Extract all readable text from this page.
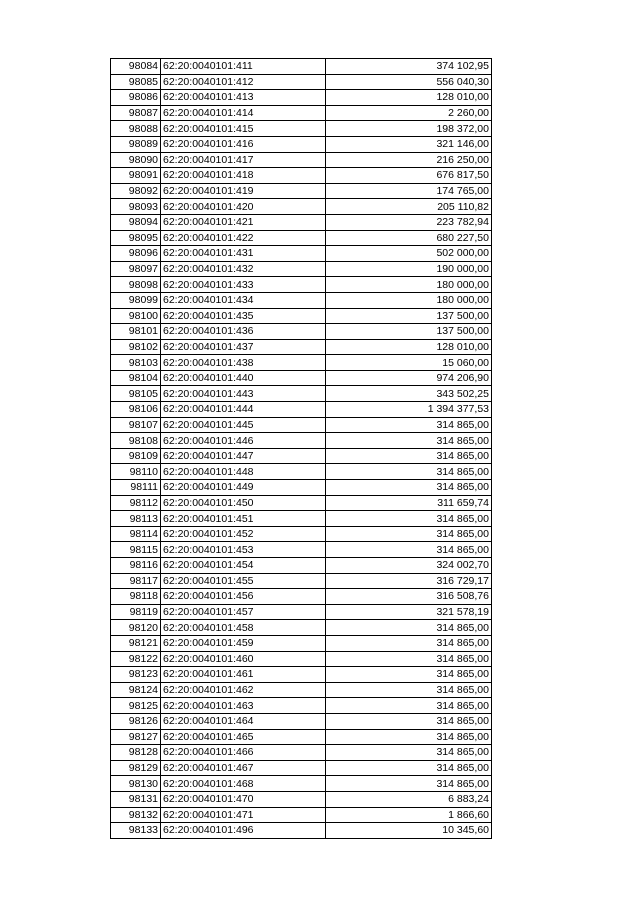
98084	62:20:0040101:411	374 102,95
98085	62:20:0040101:412	556 040,30
98086	62:20:0040101:413	128 010,00
98087	62:20:0040101:414	2 260,00
98088	62:20:0040101:415	198 372,00
98089	62:20:0040101:416	321 146,00
98090	62:20:0040101:417	216 250,00
98091	62:20:0040101:418	676 817,50
98092	62:20:0040101:419	174 765,00
98093	62:20:0040101:420	205 110,82
98094	62:20:0040101:421	223 782,94
98095	62:20:0040101:422	680 227,50
98096	62:20:0040101:431	502 000,00
98097	62:20:0040101:432	190 000,00
98098	62:20:0040101:433	180 000,00
98099	62:20:0040101:434	180 000,00
98100	62:20:0040101:435	137 500,00
98101	62:20:0040101:436	137 500,00
98102	62:20:0040101:437	128 010,00
98103	62:20:0040101:438	15 060,00
98104	62:20:0040101:440	974 206,90
98105	62:20:0040101:443	343 502,25
98106	62:20:0040101:444	1 394 377,53
98107	62:20:0040101:445	314 865,00
98108	62:20:0040101:446	314 865,00
98109	62:20:0040101:447	314 865,00
98110	62:20:0040101:448	314 865,00
98111	62:20:0040101:449	314 865,00
98112	62:20:0040101:450	311 659,74
98113	62:20:0040101:451	314 865,00
98114	62:20:0040101:452	314 865,00
98115	62:20:0040101:453	314 865,00
98116	62:20:0040101:454	324 002,70
98117	62:20:0040101:455	316 729,17
98118	62:20:0040101:456	316 508,76
98119	62:20:0040101:457	321 578,19
98120	62:20:0040101:458	314 865,00
98121	62:20:0040101:459	314 865,00
98122	62:20:0040101:460	314 865,00
98123	62:20:0040101:461	314 865,00
98124	62:20:0040101:462	314 865,00
98125	62:20:0040101:463	314 865,00
98126	62:20:0040101:464	314 865,00
98127	62:20:0040101:465	314 865,00
98128	62:20:0040101:466	314 865,00
98129	62:20:0040101:467	314 865,00
98130	62:20:0040101:468	314 865,00
98131	62:20:0040101:470	6 883,24
98132	62:20:0040101:471	1 866,60
98133	62:20:0040101:496	10 345,60
